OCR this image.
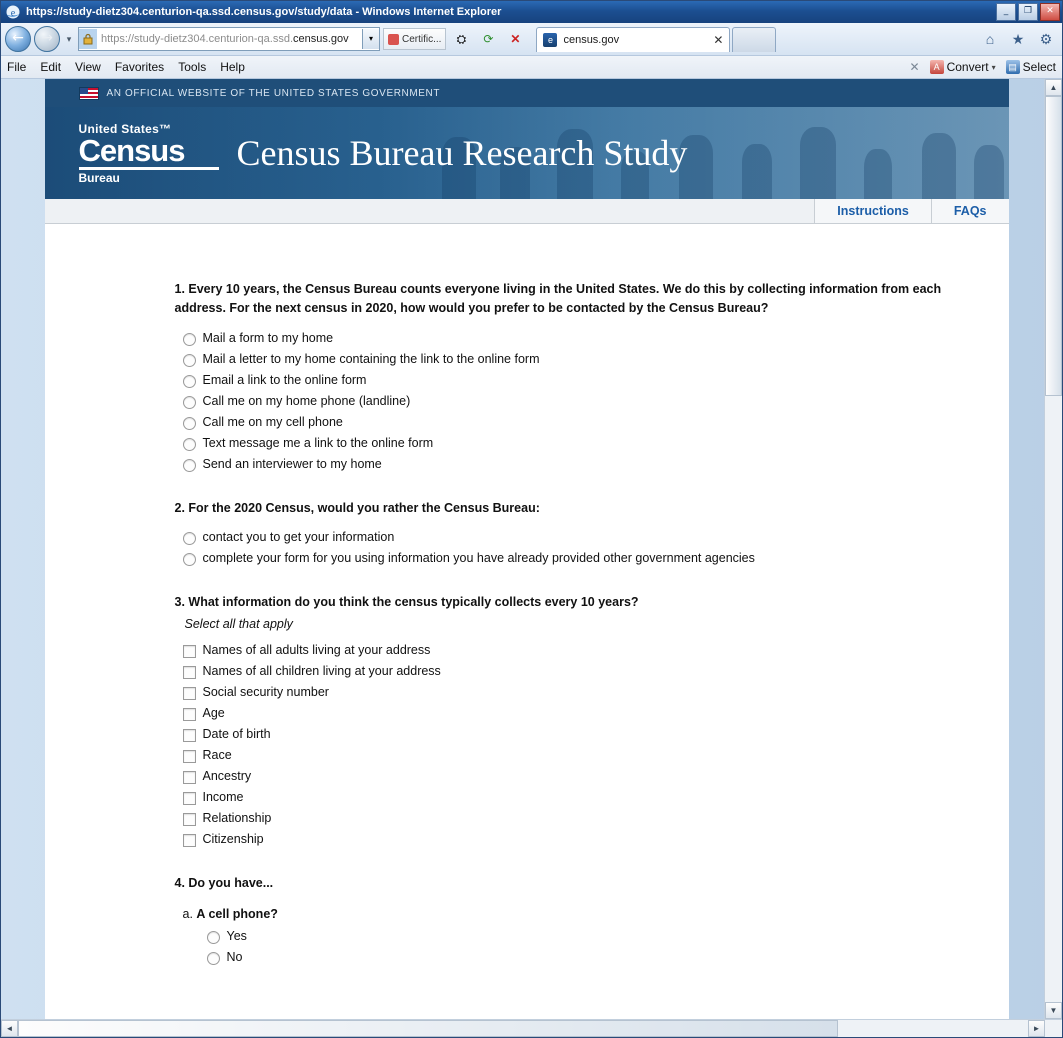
e https://study-dietz304.centurion-qa.ssd.census.gov/study/data - Windows Internet Explorer	_	❐	✕
←	→	▾	https://study-dietz304.centurion-qa.ssd.census.gov	▾	Certific...	⛭	⟳	✕	e census.gov	✕	⌂	★	⚙
File Edit View Favorites Tools Help	✕	A Convert ▾	▤ Select
AN OFFICIAL WEBSITE OF THE UNITED STATES GOVERNMENT
United States™
Census
Bureau
Census Bureau Research Study
Instructions	FAQs
1. Every 10 years, the Census Bureau counts everyone living in the United States. We do this by collecting information from each address. For the next census in 2020, how would you prefer to be contacted by the Census Bureau?
Mail a form to my home
Mail a letter to my home containing the link to the online form
Email a link to the online form
Call me on my home phone (landline)
Call me on my cell phone
Text message me a link to the online form
Send an interviewer to my home
2. For the 2020 Census, would you rather the Census Bureau:
contact you to get your information
complete your form for you using information you have already provided other government agencies
3. What information do you think the census typically collects every 10 years?
Select all that apply
Names of all adults living at your address
Names of all children living at your address
Social security number
Age
Date of birth
Race
Ancestry
Income
Relationship
Citizenship
4. Do you have...
a. A cell phone?
Yes
No
▲
▼
◄	►
